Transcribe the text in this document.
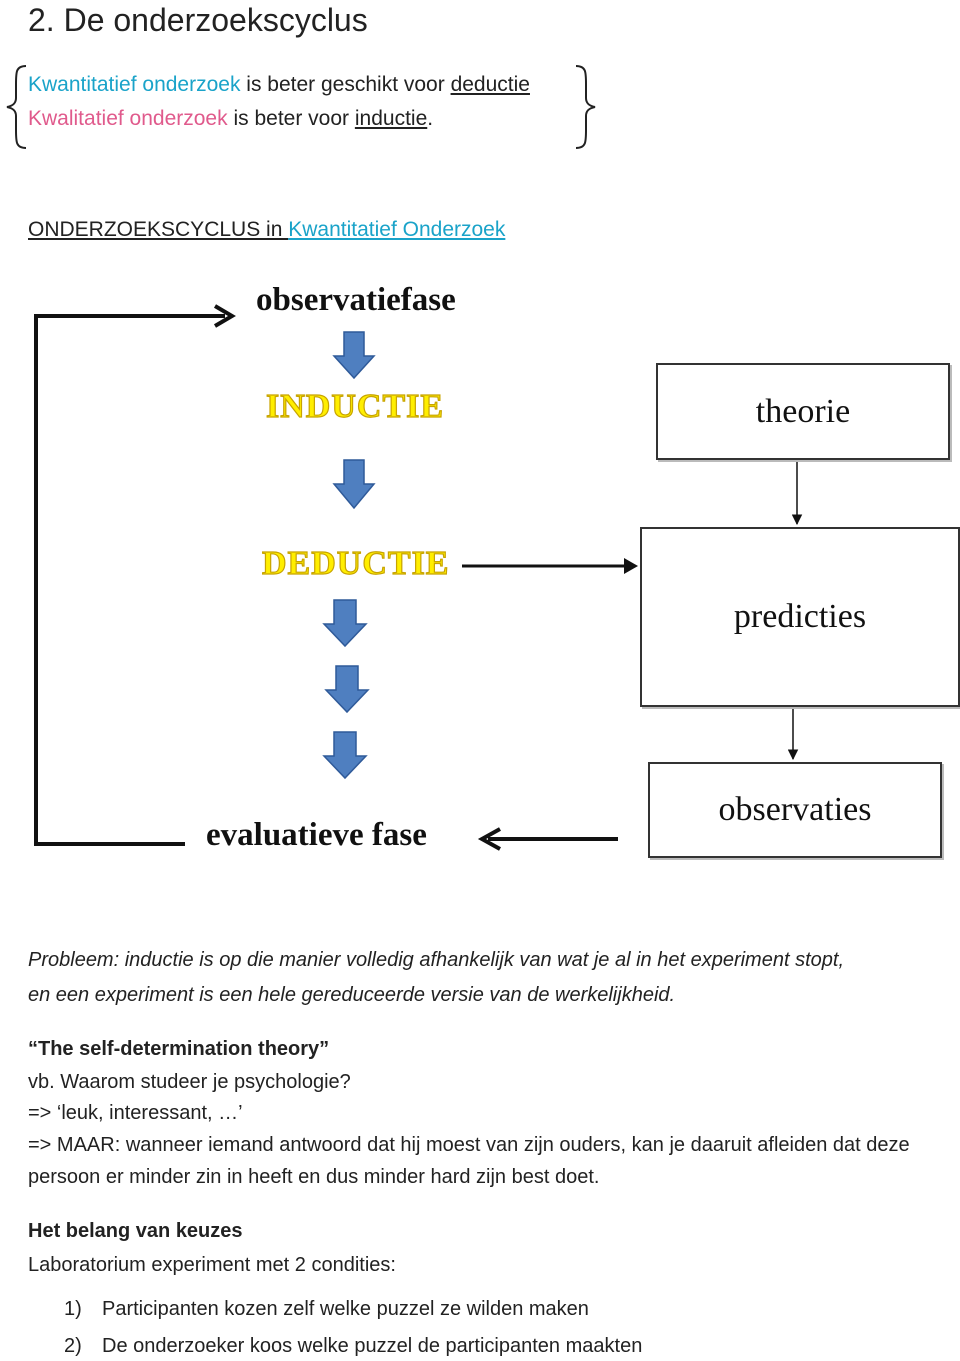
2. De onderzoekscyclus
Kwantitatief onderzoek is beter geschikt voor deductie
Kwalitatief onderzoek is beter voor inductie.
ONDERZOEKSCYCLUS in Kwantitatief Onderzoek
observatiefase
INDUCTIE
DEDUCTIE
evaluatieve fase
theorie
predicties
observaties
Probleem: inductie is op die manier volledig afhankelijk van wat je al in het experiment stopt,
en een experiment is een hele gereduceerde versie van de werkelijkheid.
“The self-determination theory”
vb. Waarom studeer je psychologie?
=> ‘leuk, interessant, …’
=> MAAR: wanneer iemand antwoord dat hij moest van zijn ouders, kan je daaruit afleiden dat deze
persoon er minder zin in heeft en dus minder hard zijn best doet.
Het belang van keuzes
Laboratorium experiment met 2 condities:
1) Participanten kozen zelf welke puzzel ze wilden maken
2) De onderzoeker koos welke puzzel de participanten maakten
